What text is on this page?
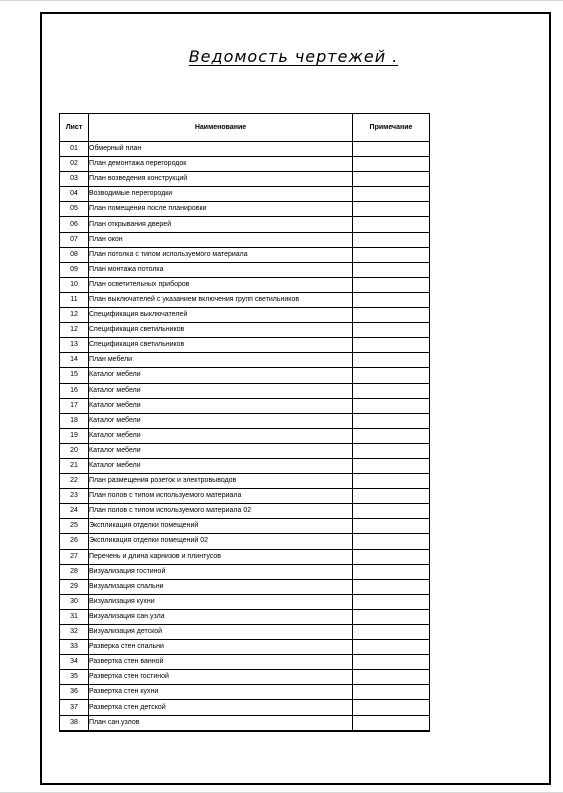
Ведомость чертежей .
Лист	Наименование	Примечание
01	Обмерный план	
02	План демонтажа перегородок	
03	План возведения конструкций	
04	Возводимые перегородки	
05	План помещения после планировки	
06	План открывания дверей	
07	План окон	
08	План потолка с типом используемого материала	
09	План монтажа потолка	
10	План осветительных приборов	
11	План выключателей с указанием включения групп светильников	
12	Спецификация выключателей	
12	Спецификация светильников	
13	Спецификация светильников	
14	План мебели	
15	Каталог мебели	
16	Каталог мебели	
17	Каталог мебели	
18	Каталог мебели	
19	Каталог мебели	
20	Каталог мебели	
21	Каталог мебели	
22	План размещения розеток и электровыводов	
23	План полов с типом используемого материала	
24	План полов с типом используемого материала 02	
25	Экспликация отделки помещений	
26	Экспликация отделки помещений 02	
27	Перечень и длина карнизов и плинтусов	
28	Визуализация гостиной	
29	Визуализация спальни	
30	Визуализация кухни	
31	Визуализация сан.узла	
32	Визуализация детской	
33	Разверка стен спальни	
34	Развертка стен ванной	
35	Развертка стен гостиной	
36	Развертка стен кухни	
37	Развертка стен детской	
38	План сан.узлов	
